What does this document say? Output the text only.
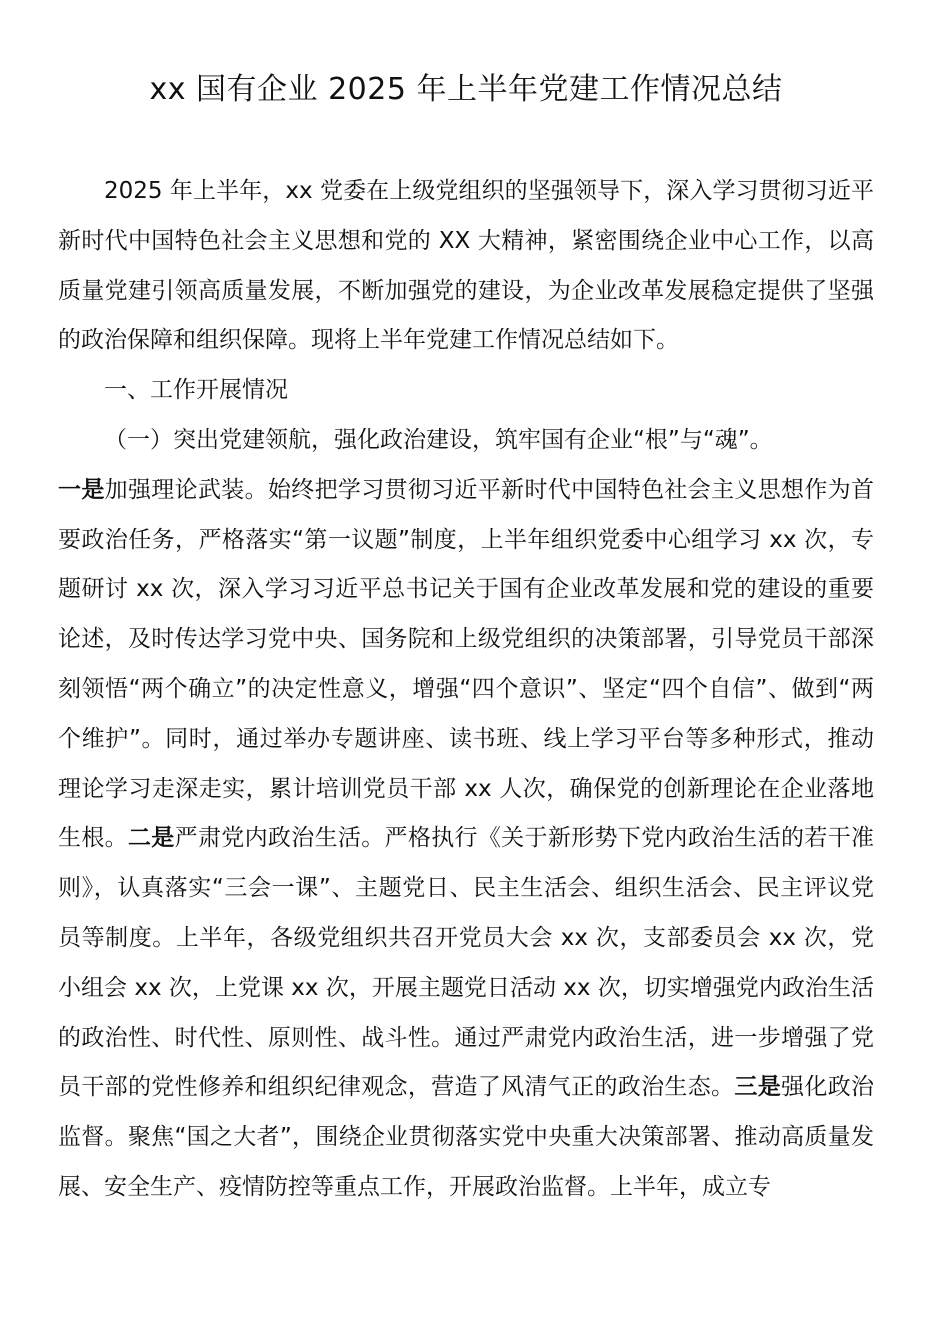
xx 国有企业 2025 年上半年党建工作情况总结

2025 年上半年，xx 党委在上级党组织的坚强领导下，深入学习贯彻习近平新时代中国特色社会主义思想和党的 XX 大精神，紧密围绕企业中心工作，以高质量党建引领高质量发展，不断加强党的建设，为企业改革发展稳定提供了坚强的政治保障和组织保障。现将上半年党建工作情况总结如下。

一、工作开展情况

（一）突出党建领航，强化政治建设，筑牢国有企业“根”与“魂”。

一是加强理论武装。始终把学习贯彻习近平新时代中国特色社会主义思想作为首要政治任务，严格落实“第一议题”制度，上半年组织党委中心组学习 xx 次，专题研讨 xx 次，深入学习习近平总书记关于国有企业改革发展和党的建设的重要论述，及时传达学习党中央、国务院和上级党组织的决策部署，引导党员干部深刻领悟“两个确立”的决定性意义，增强“四个意识”、坚定“四个自信”、做到“两个维护”。同时，通过举办专题讲座、读书班、线上学习平台等多种形式，推动理论学习走深走实，累计培训党员干部 xx 人次，确保党的创新理论在企业落地生根。二是严肃党内政治生活。严格执行《关于新形势下党内政治生活的若干准则》，认真落实“三会一课”、主题党日、民主生活会、组织生活会、民主评议党员等制度。上半年，各级党组织共召开党员大会 xx 次，支部委员会 xx 次，党小组会 xx 次，上党课 xx 次，开展主题党日活动 xx 次，切实增强党内政治生活的政治性、时代性、原则性、战斗性。通过严肃党内政治生活，进一步增强了党员干部的党性修养和组织纪律观念，营造了风清气正的政治生态。三是强化政治监督。聚焦“国之大者”，围绕企业贯彻落实党中央重大决策部署、推动高质量发展、安全生产、疫情防控等重点工作，开展政治监督。上半年，成立专
